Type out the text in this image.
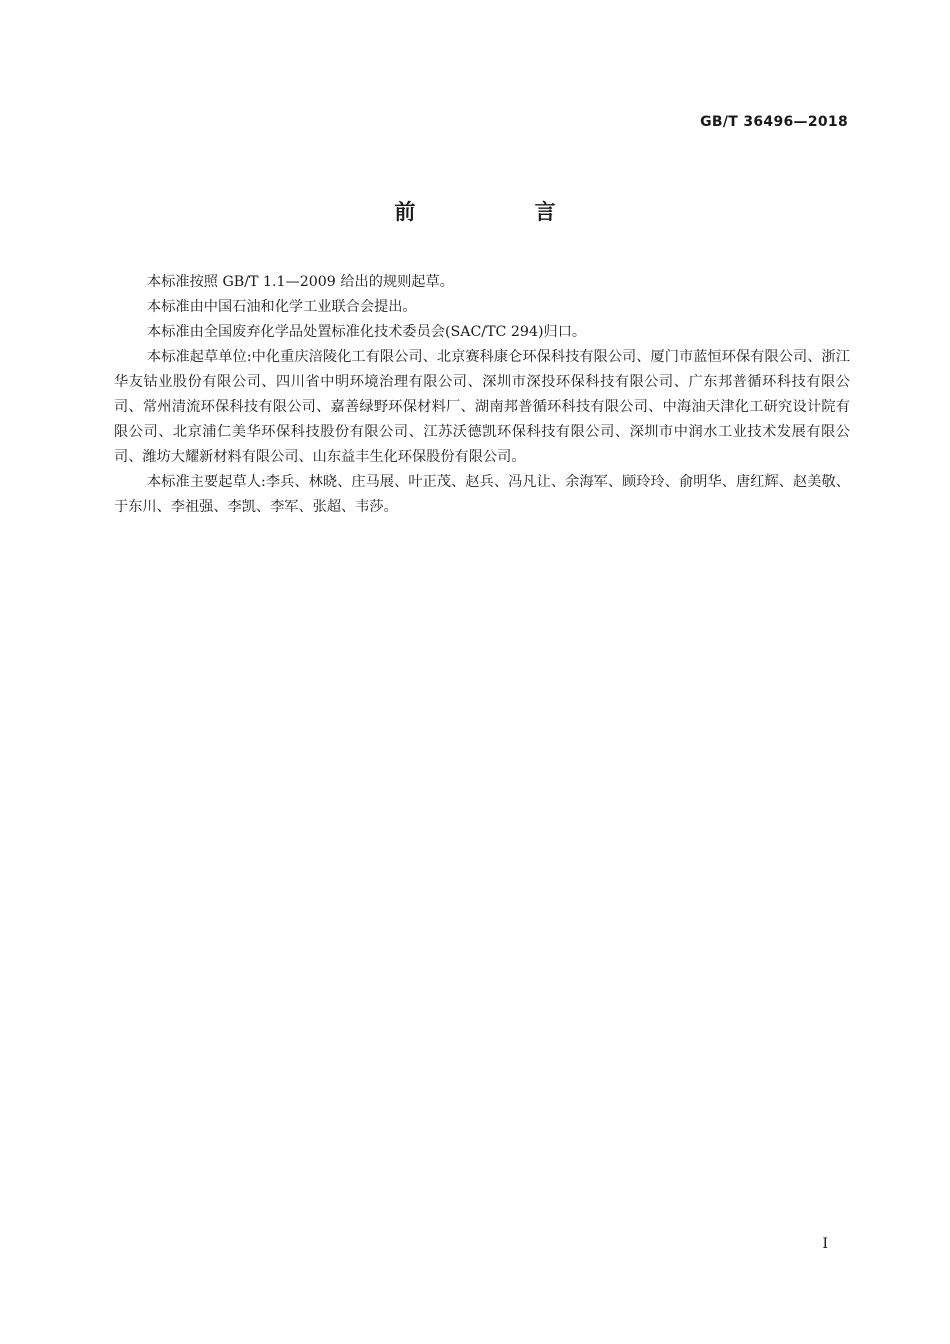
GB/T 36496—2018
前 言

本标准按照 GB/T 1.1—2009 给出的规则起草。

本标准由中国石油和化学工业联合会提出。

本标准由全国废弃化学品处置标准化技术委员会(SAC/TC 294)归口。

本标准起草单位:中化重庆涪陵化工有限公司、北京赛科康仑环保科技有限公司、厦门市蓝恒环保有限公司、浙江华友钴业股份有限公司、四川省中明环境治理有限公司、深圳市深投环保科技有限公司、广东邦普循环科技有限公司、常州清流环保科技有限公司、嘉善绿野环保材料厂、湖南邦普循环科技有限公司、中海油天津化工研究设计院有限公司、北京浦仁美华环保科技股份有限公司、江苏沃德凯环保科技有限公司、深圳市中润水工业技术发展有限公司、潍坊大耀新材料有限公司、山东益丰生化环保股份有限公司。

本标准主要起草人:李兵、林晓、庄马展、叶正茂、赵兵、冯凡让、余海军、顾玲玲、俞明华、唐红辉、赵美敬、于东川、李祖强、李凯、李军、张超、韦莎。

I
